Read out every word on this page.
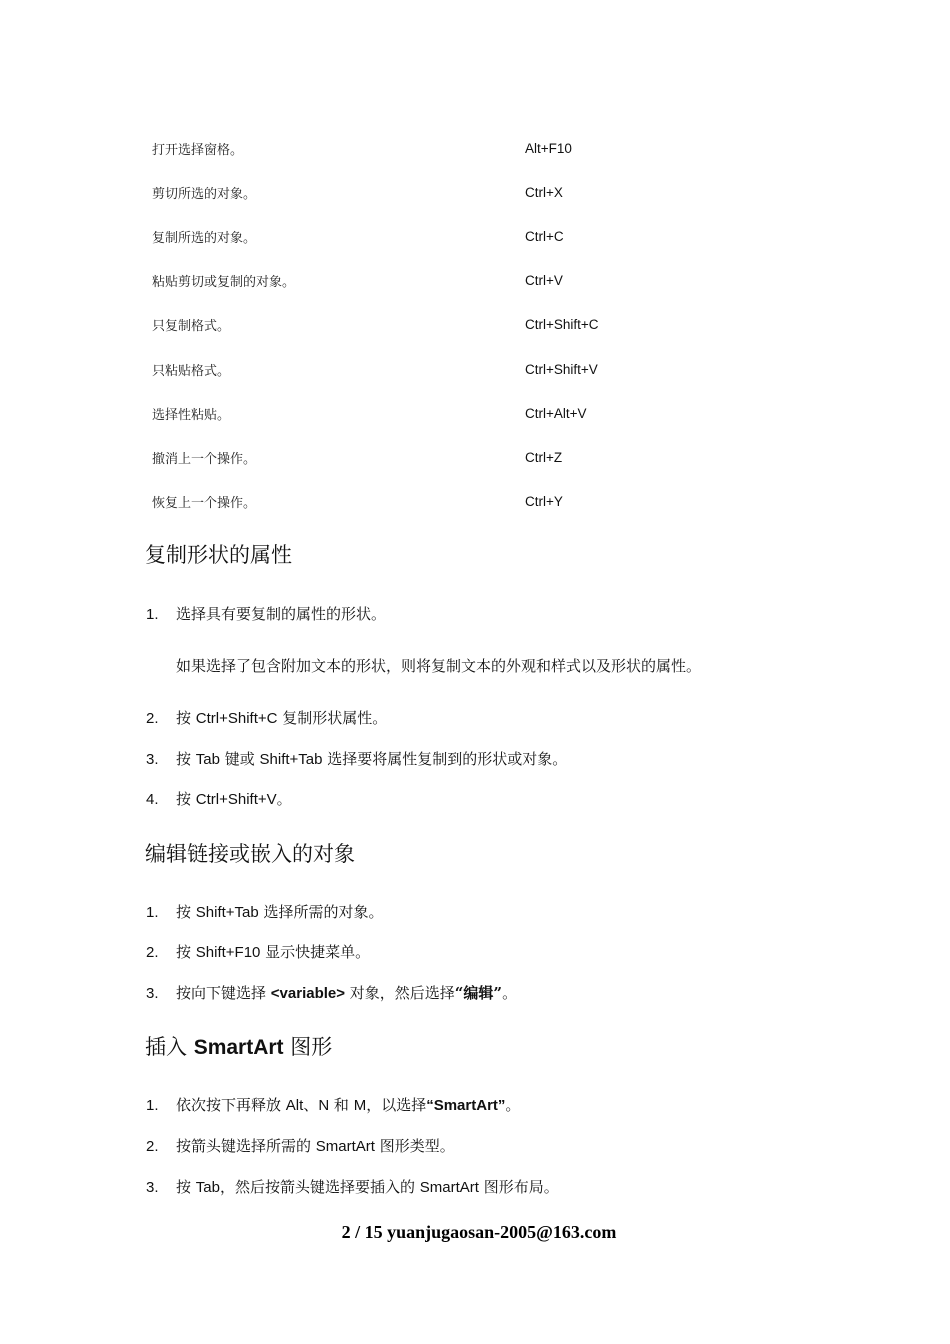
打开选择窗格。	Alt+F10
剪切所选的对象。	Ctrl+X
复制所选的对象。	Ctrl+C
粘贴剪切或复制的对象。	Ctrl+V
只复制格式。	Ctrl+Shift+C
只粘贴格式。	Ctrl+Shift+V
选择性粘贴。	Ctrl+Alt+V
撤消上一个操作。	Ctrl+Z
恢复上一个操作。	Ctrl+Y
复制形状的属性
1.	选择具有要复制的属性的形状。
如果选择了包含附加文本的形状，则将复制文本的外观和样式以及形状的属性。
2.	按 Ctrl+Shift+C 复制形状属性。
3.	按 Tab 键或 Shift+Tab 选择要将属性复制到的形状或对象。
4.	按 Ctrl+Shift+V。
编辑链接或嵌入的对象
1.	按 Shift+Tab 选择所需的对象。
2.	按 Shift+F10 显示快捷菜单。
3.	按向下键选择 <variable> 对象，然后选择“编辑”。
插入 SmartArt 图形
1.	依次按下再释放 Alt、N 和 M，以选择“SmartArt”。
2.	按箭头键选择所需的 SmartArt 图形类型。
3.	按 Tab，然后按箭头键选择要插入的 SmartArt 图形布局。
2 / 15 yuanjugaosan-2005@163.com
